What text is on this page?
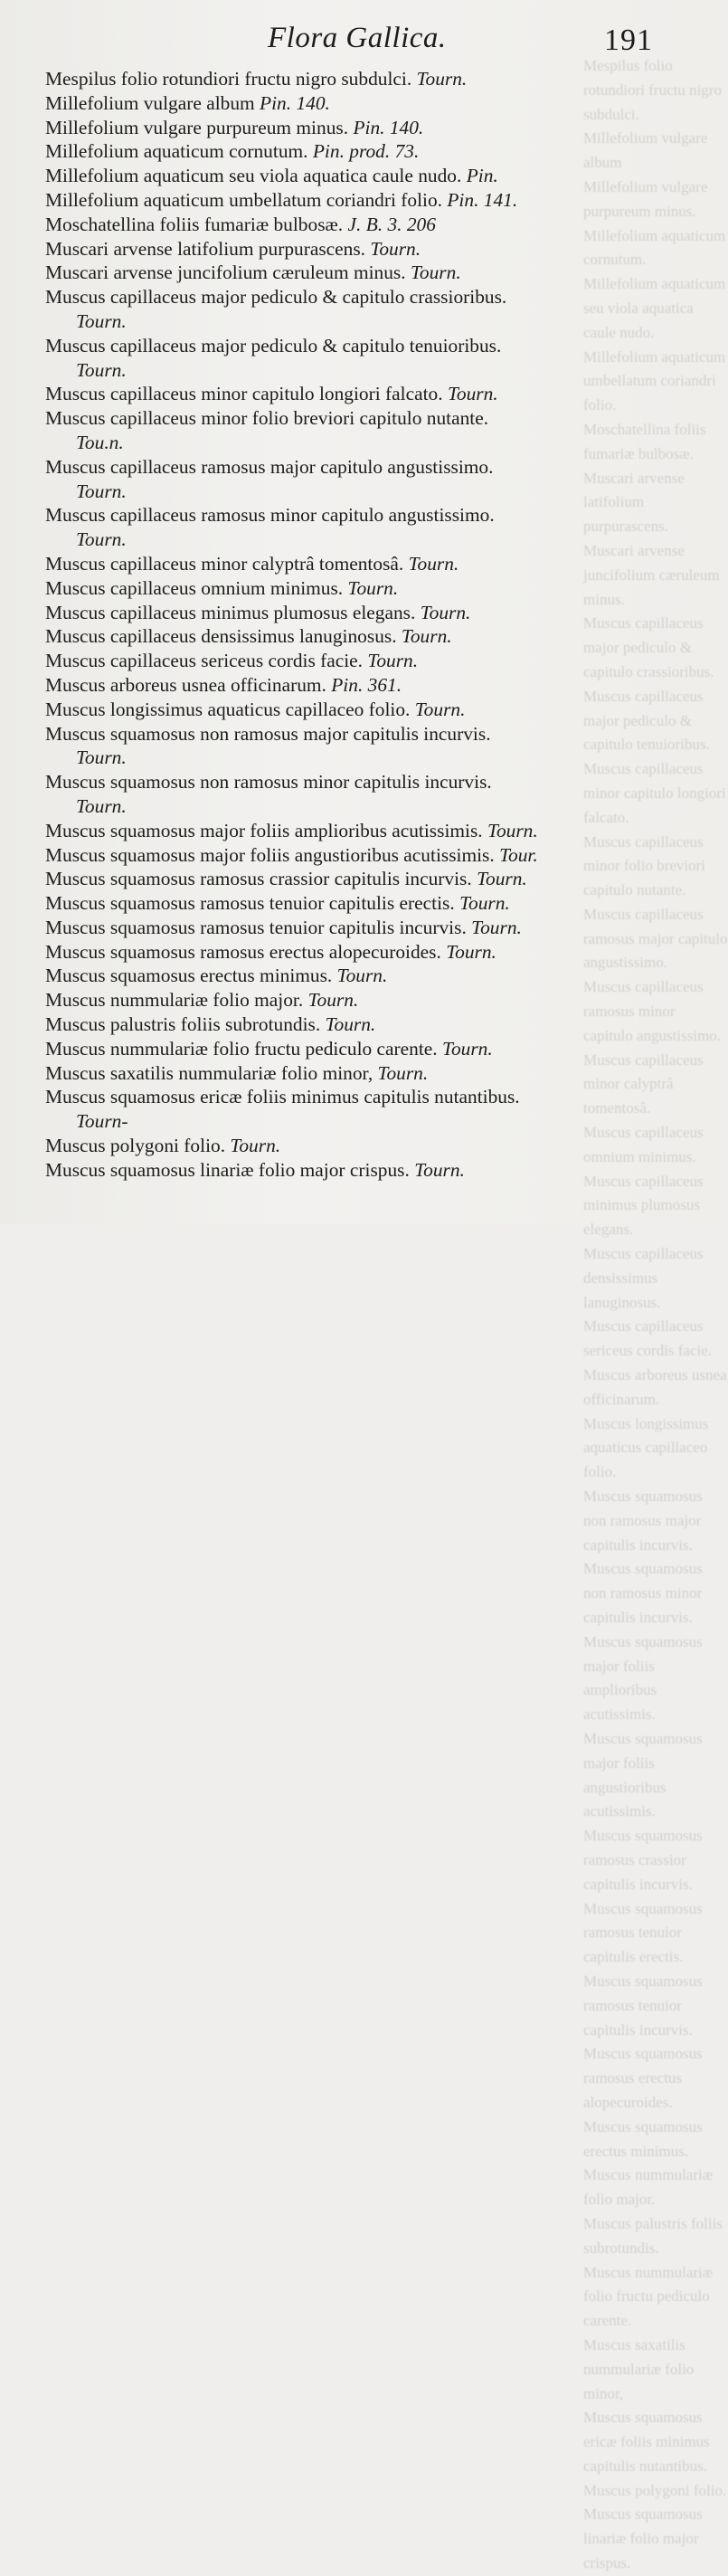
Mespilus folio rotundiori fructu nigro subdulci.
Millefolium vulgare album
Millefolium vulgare purpureum minus.
Millefolium aquaticum cornutum.
Millefolium aquaticum seu viola aquatica caule nudo.
Millefolium aquaticum umbellatum coriandri folio.
Moschatellina foliis fumariæ bulbosæ.
Muscari arvense latifolium purpurascens.
Muscari arvense juncifolium cæruleum minus.
Muscus capillaceus major pediculo & capitulo crassioribus.
Muscus capillaceus major pediculo & capitulo tenuioribus.
Muscus capillaceus minor capitulo longiori falcato.
Muscus capillaceus minor folio breviori capitulo nutante.
Muscus capillaceus ramosus major capitulo angustissimo.
Muscus capillaceus ramosus minor capitulo angustissimo.
Muscus capillaceus minor calyptrâ tomentosâ.
Muscus capillaceus omnium minimus.
Muscus capillaceus minimus plumosus elegans.
Muscus capillaceus densissimus lanuginosus.
Muscus capillaceus sericeus cordis facie.
Muscus arboreus usnea officinarum.
Muscus longissimus aquaticus capillaceo folio.
Muscus squamosus non ramosus major capitulis incurvis.
Muscus squamosus non ramosus minor capitulis incurvis.
Muscus squamosus major foliis amplioribus acutissimis.
Muscus squamosus major foliis angustioribus acutissimis.
Muscus squamosus ramosus crassior capitulis incurvis.
Muscus squamosus ramosus tenuior capitulis erectis.
Muscus squamosus ramosus tenuior capitulis incurvis.
Muscus squamosus ramosus erectus alopecuroides.
Muscus squamosus erectus minimus.
Muscus nummulariæ folio major.
Muscus palustris foliis subrotundis.
Muscus nummulariæ folio fructu pediculo carente.
Muscus saxatilis nummulariæ folio minor,
Muscus squamosus ericæ foliis minimus capitulis nutantibus.
Muscus polygoni folio.
Muscus squamosus linariæ folio major crispus.
Flora Gallica.	191

Mespilus folio rotundiori fructu nigro subdulci. Tourn.

Millefolium vulgare album Pin. 140.

Millefolium vulgare purpureum minus. Pin. 140.

Millefolium aquaticum cornutum. Pin. prod. 73.

Millefolium aquaticum seu viola aquatica caule nudo. Pin.

Millefolium aquaticum umbellatum coriandri folio. Pin. 141.

Moschatellina foliis fumariæ bulbosæ. J. B. 3. 206

Muscari arvense latifolium purpurascens. Tourn.

Muscari arvense juncifolium cæruleum minus. Tourn.

Muscus capillaceus major pediculo & capitulo crassioribus.
Tourn.

Muscus capillaceus major pediculo & capitulo tenuioribus.
Tourn.

Muscus capillaceus minor capitulo longiori falcato. Tourn.

Muscus capillaceus minor folio breviori capitulo nutante.
Tou.n.

Muscus capillaceus ramosus major capitulo angustissimo.
Tourn.

Muscus capillaceus ramosus minor capitulo angustissimo.
Tourn.

Muscus capillaceus minor calyptrâ tomentosâ. Tourn.

Muscus capillaceus omnium minimus. Tourn.

Muscus capillaceus minimus plumosus elegans. Tourn.

Muscus capillaceus densissimus lanuginosus. Tourn.

Muscus capillaceus sericeus cordis facie. Tourn.

Muscus arboreus usnea officinarum. Pin. 361.

Muscus longissimus aquaticus capillaceo folio. Tourn.

Muscus squamosus non ramosus major capitulis incurvis.
Tourn.

Muscus squamosus non ramosus minor capitulis incurvis.
Tourn.

Muscus squamosus major foliis amplioribus acutissimis. Tourn.

Muscus squamosus major foliis angustioribus acutissimis. Tour.

Muscus squamosus ramosus crassior capitulis incurvis. Tourn.

Muscus squamosus ramosus tenuior capitulis erectis. Tourn.

Muscus squamosus ramosus tenuior capitulis incurvis. Tourn.

Muscus squamosus ramosus erectus alopecuroides. Tourn.

Muscus squamosus erectus minimus. Tourn.

Muscus nummulariæ folio major. Tourn.

Muscus palustris foliis subrotundis. Tourn.

Muscus nummulariæ folio fructu pediculo carente. Tourn.

Muscus saxatilis nummulariæ folio minor, Tourn.

Muscus squamosus ericæ foliis minimus capitulis nutantibus.
Tourn-

Muscus polygoni folio. Tourn.

Muscus squamosus linariæ folio major crispus. Tourn.
